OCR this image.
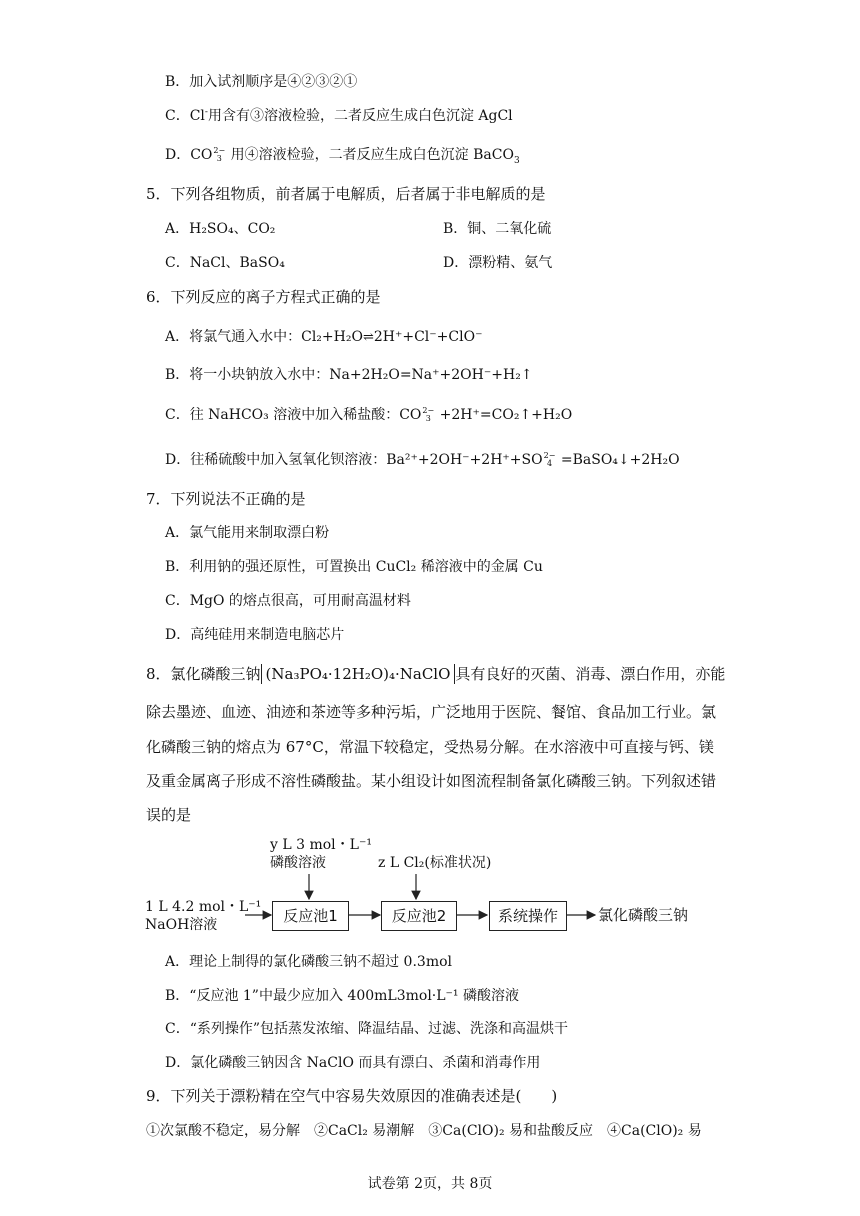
B．加入试剂顺序是④②③②①
C．Cl-用含有③溶液检验，二者反应生成白色沉淀 AgCl
D．CO 2−
3 用④溶液检验，二者反应生成白色沉淀 BaCO$_3$
5．下列各组物质，前者属于电解质，后者属于非电解质的是
A．H₂SO₄、CO₂	B．铜、二氧化硫
C．NaCl、BaSO₄	D．漂粉精、氨气
6．下列反应的离子方程式正确的是
A．将氯气通入水中：Cl₂+H₂O⇌2H⁺+Cl⁻+ClO⁻
B．将一小块钠放入水中：Na+2H₂O=Na⁺+2OH⁻+H₂↑
C．往 NaHCO₃ 溶液中加入稀盐酸：CO 2−
3 +2H⁺=CO₂↑+H₂O
D．往稀硫酸中加入氢氧化钡溶液：Ba²⁺+2OH⁻+2H⁺+SO 2−
4 =BaSO₄↓+2H₂O
7．下列说法不正确的是
A．氯气能用来制取漂白粉
B．利用钠的强还原性，可置换出 CuCl₂ 稀溶液中的金属 Cu
C．MgO 的熔点很高，可用耐高温材料
D．高纯硅用来制造电脑芯片
8．氯化磷酸三钠 (Na₃PO₄·12H₂O)₄·NaClO 具有良好的灭菌、消毒、漂白作用，亦能
除去墨迹、血迹、油迹和茶迹等多种污垢，广泛地用于医院、餐馆、食品加工行业。氯
化磷酸三钠的熔点为 67°C，常温下较稳定，受热易分解。在水溶液中可直接与钙、镁
及重金属离子形成不溶性磷酸盐。某小组设计如图流程制备氯化磷酸三钠。下列叙述错
误的是
y L 3 mol・L⁻¹
磷酸溶液	z L Cl₂(标准状况)
1 L 4.2 mol・L⁻¹
NaOH溶液	反应池1	反应池2	系统操作	氯化磷酸三钠
A．理论上制得的氯化磷酸三钠不超过 0.3mol
B．“反应池 1”中最少应加入 400mL3mol·L⁻¹ 磷酸溶液
C．“系列操作”包括蒸发浓缩、降温结晶、过滤、洗涤和高温烘干
D．氯化磷酸三钠因含 NaClO 而具有漂白、杀菌和消毒作用
9．下列关于漂粉精在空气中容易失效原因的准确表述是(　　)
①次氯酸不稳定，易分解　②CaCl₂ 易潮解　③Ca(ClO)₂ 易和盐酸反应　④Ca(ClO)₂ 易
试卷第 2页，共 8页
